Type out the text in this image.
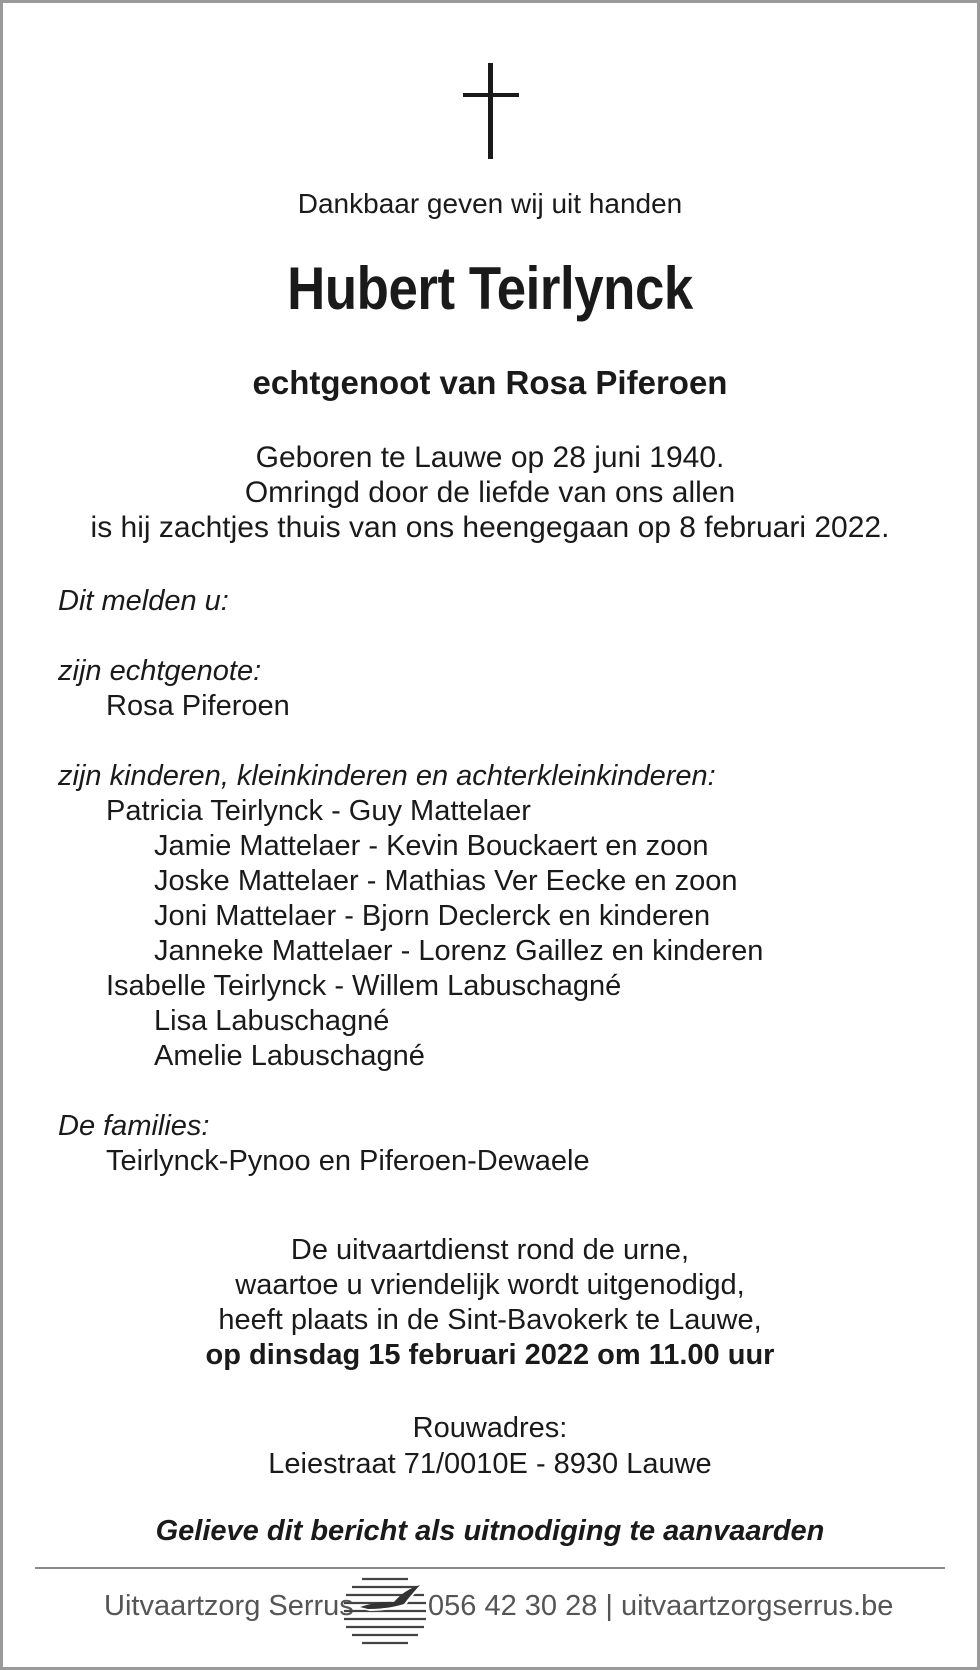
Dankbaar geven wij uit handen
Hubert Teirlynck
echtgenoot van Rosa Piferoen
Geboren te Lauwe op 28 juni 1940.
Omringd door de liefde van ons allen
is hij zachtjes thuis van ons heengegaan op 8 februari 2022.
Dit melden u:
zijn echtgenote:
Rosa Piferoen
zijn kinderen, kleinkinderen en achterkleinkinderen:
Patricia Teirlynck - Guy Mattelaer
Jamie Mattelaer - Kevin Bouckaert en zoon
Joske Mattelaer - Mathias Ver Eecke en zoon
Joni Mattelaer - Bjorn Declerck en kinderen
Janneke Mattelaer - Lorenz Gaillez en kinderen
Isabelle Teirlynck - Willem Labuschagné
Lisa Labuschagné
Amelie Labuschagné
De families:
Teirlynck-Pynoo en Piferoen-Dewaele
De uitvaartdienst rond de urne,
waartoe u vriendelijk wordt uitgenodigd,
heeft plaats in de Sint-Bavokerk te Lauwe,
op dinsdag 15 februari 2022 om 11.00 uur
Rouwadres:
Leiestraat 71/0010E - 8930 Lauwe
Gelieve dit bericht als uitnodiging te aanvaarden
Uitvaartzorg Serrus	056 42 30 28 | uitvaartzorgserrus.be
